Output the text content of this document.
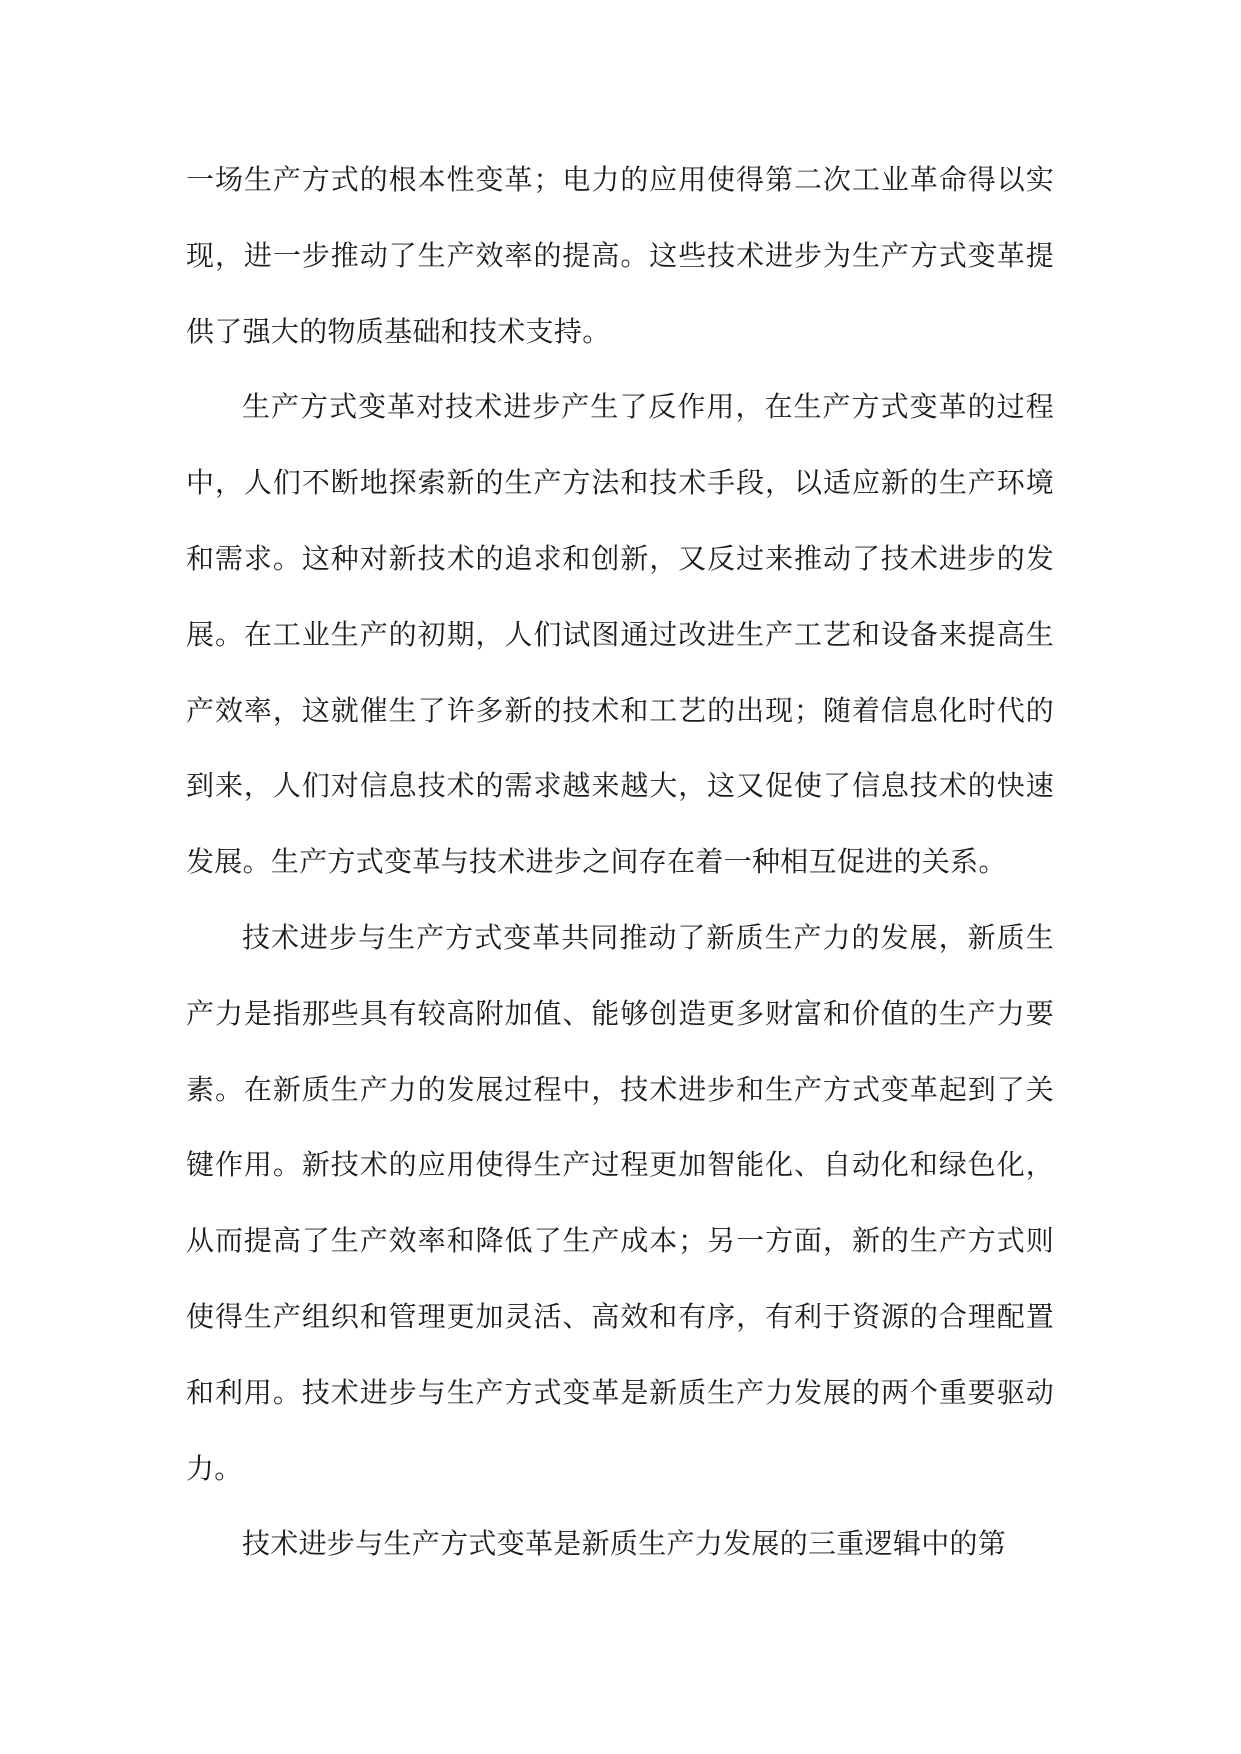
一场生产方式的根本性变革；电力的应用使得第二次工业革命得以实现，进一步推动了生产效率的提高。这些技术进步为生产方式变革提供了强大的物质基础和技术支持。

生产方式变革对技术进步产生了反作用，在生产方式变革的过程中，人们不断地探索新的生产方法和技术手段，以适应新的生产环境和需求。这种对新技术的追求和创新，又反过来推动了技术进步的发展。在工业生产的初期，人们试图通过改进生产工艺和设备来提高生产效率，这就催生了许多新的技术和工艺的出现；随着信息化时代的到来，人们对信息技术的需求越来越大，这又促使了信息技术的快速发展。生产方式变革与技术进步之间存在着一种相互促进的关系。

技术进步与生产方式变革共同推动了新质生产力的发展，新质生产力是指那些具有较高附加值、能够创造更多财富和价值的生产力要素。在新质生产力的发展过程中，技术进步和生产方式变革起到了关键作用。新技术的应用使得生产过程更加智能化、自动化和绿色化，从而提高了生产效率和降低了生产成本；另一方面，新的生产方式则使得生产组织和管理更加灵活、高效和有序，有利于资源的合理配置和利用。技术进步与生产方式变革是新质生产力发展的两个重要驱动力。

技术进步与生产方式变革是新质生产力发展的三重逻辑中的第
